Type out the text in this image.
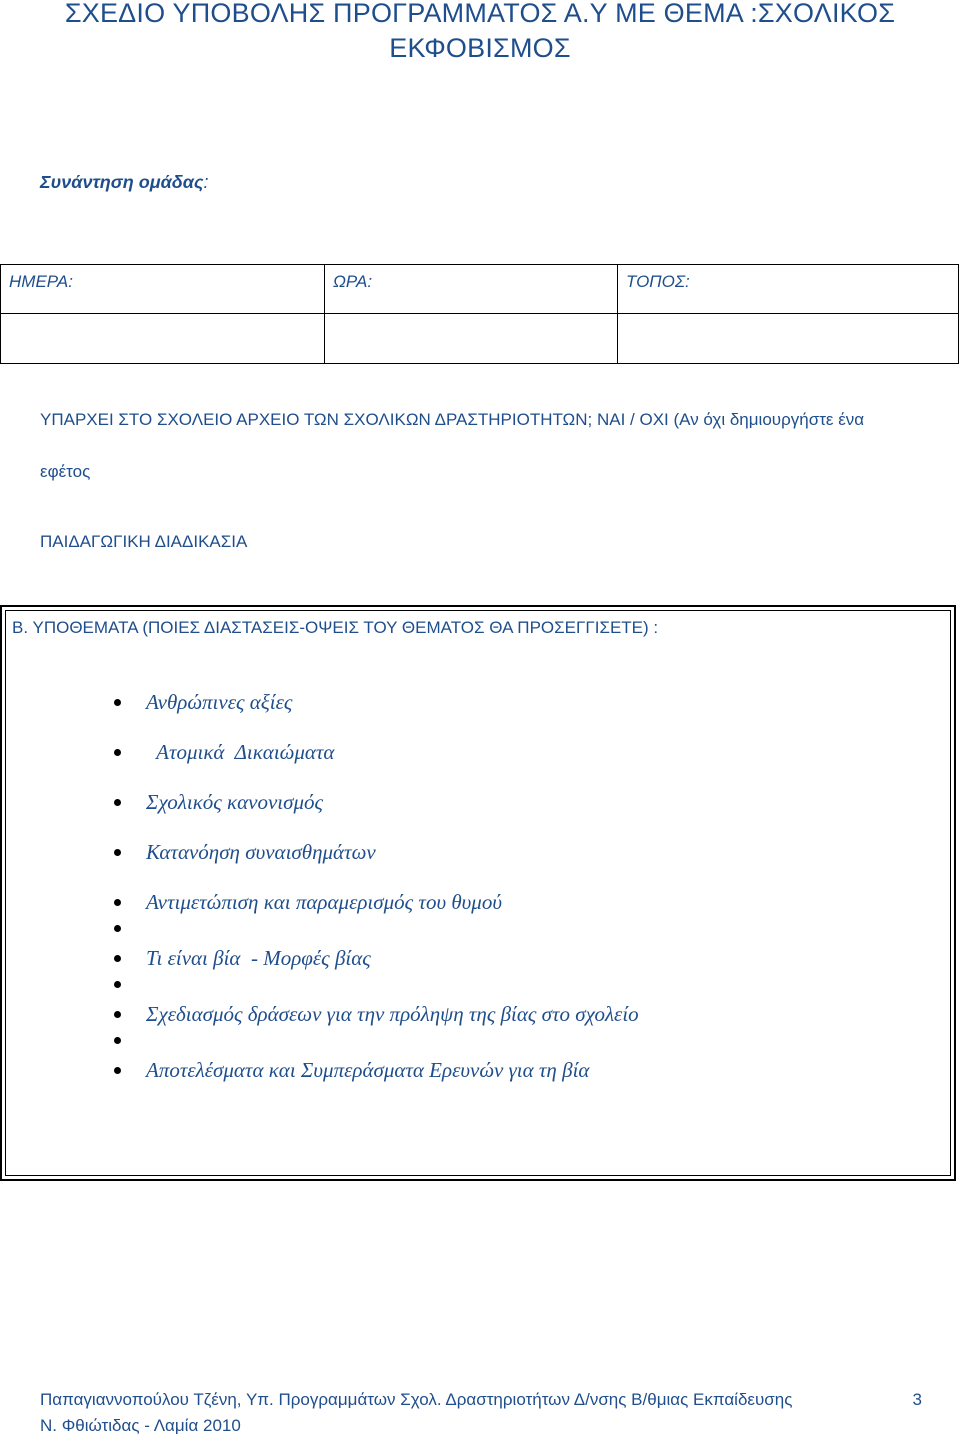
ΣΧΕΔΙΟ ΥΠΟΒΟΛΗΣ ΠΡΟΓΡΑΜΜΑΤΟΣ Α.Υ ΜΕ ΘΕΜΑ :ΣΧΟΛΙΚΟΣ
ΕΚΦΟΒΙΣΜΟΣ
Συνάντηση ομάδας:
ΗΜΕΡΑ:	ΩΡΑ:	ΤΟΠΟΣ:

ΥΠΑΡΧΕΙ ΣΤΟ ΣΧΟΛΕΙΟ ΑΡΧΕΙΟ ΤΩΝ ΣΧΟΛΙΚΩΝ ΔΡΑΣΤΗΡΙΟΤΗΤΩΝ; ΝΑΙ / ΟΧΙ (Αν όχι δημιουργήστε ένα
εφέτος
ΠΑΙΔΑΓΩΓΙΚΗ ΔΙΑΔΙΚΑΣΙΑ
Β. ΥΠΟΘΕΜΑΤΑ (ΠΟΙΕΣ ΔΙΑΣΤΑΣΕΙΣ-ΟΨΕΙΣ ΤΟΥ ΘΕΜΑΤΟΣ ΘΑ ΠΡΟΣΕΓΓΙΣΕΤΕ) :
Ανθρώπινες αξίες
Ατομικά  Δικαιώματα
Σχολικός κανονισμός
Κατανόηση συναισθημάτων
Αντιμετώπιση και παραμερισμός του θυμού
Τι είναι βία  - Μορφές βίας
Σχεδιασμός δράσεων για την πρόληψη της βίας στο σχολείο
Αποτελέσματα και Συμπεράσματα Ερευνών για τη βία
Παπαγιαννοπούλου Τζένη, Υπ. Προγραμμάτων Σχολ. Δραστηριοτήτων Δ/νσης Β/θμιας Εκπαίδευσης
Ν. Φθιώτιδας - Λαμία 2010
3
